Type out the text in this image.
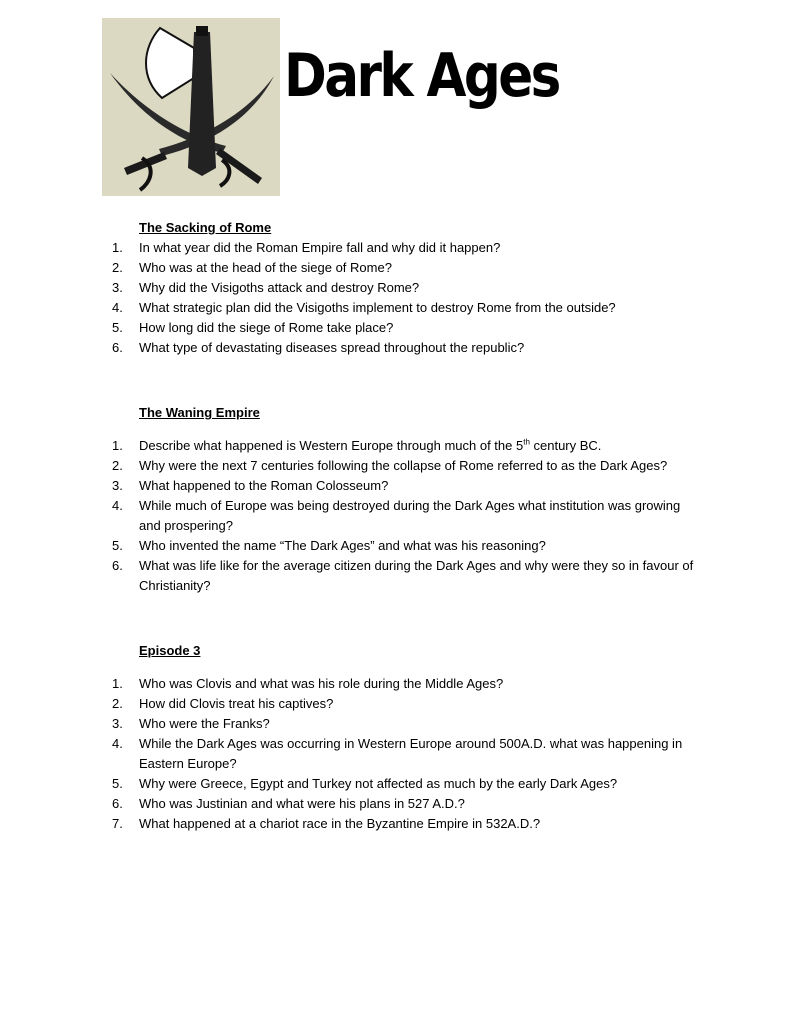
Dark Ages
The Sacking of Rome
1. In what year did the Roman Empire fall and why did it happen?
2. Who was at the head of the siege of Rome?
3. Why did the Visigoths attack and destroy Rome?
4. What strategic plan did the Visigoths implement to destroy Rome from the outside?
5. How long did the siege of Rome take place?
6. What type of devastating diseases spread throughout the republic?
The Waning Empire
1. Describe what happened is Western Europe through much of the 5th century BC.
2. Why were the next 7 centuries following the collapse of Rome referred to as the Dark Ages?
3. What happened to the Roman Colosseum?
4. While much of Europe was being destroyed during the Dark Ages what institution was growing and prospering?
5. Who invented the name “The Dark Ages” and what was his reasoning?
6. What was life like for the average citizen during the Dark Ages and why were they so in favour of Christianity?
Episode 3
1. Who was Clovis and what was his role during the Middle Ages?
2. How did Clovis treat his captives?
3. Who were the Franks?
4. While the Dark Ages was occurring in Western Europe around 500A.D. what was happening in Eastern Europe?
5. Why were Greece, Egypt and Turkey not affected as much by the early Dark Ages?
6. Who was Justinian and what were his plans in 527 A.D.?
7. What happened at a chariot race in the Byzantine Empire in 532A.D.?
